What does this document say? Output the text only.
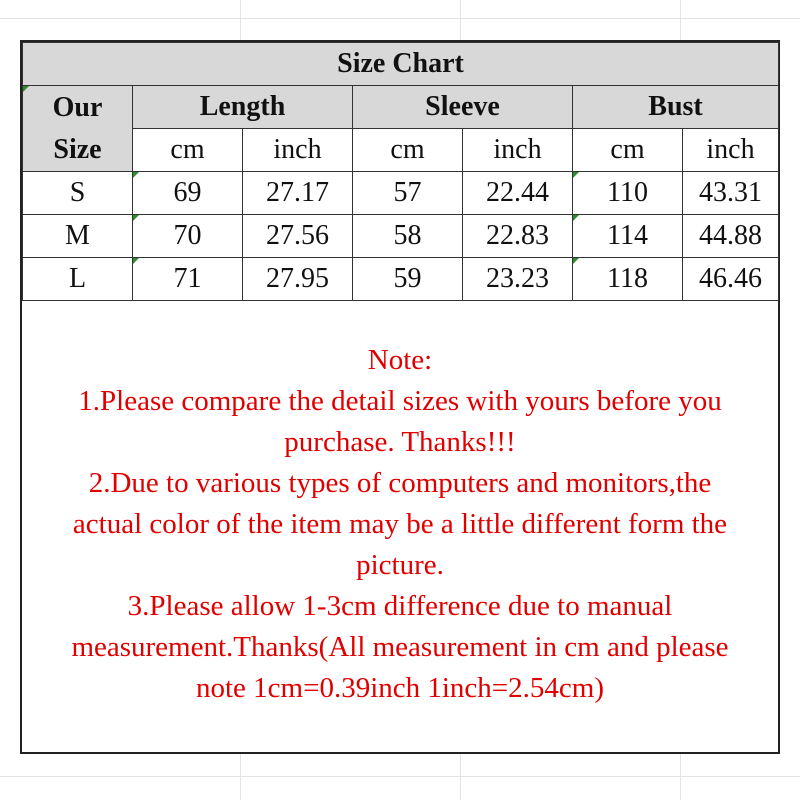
Size Chart						

Our
Size	Length		Sleeve		Bust	
	cm	inch	cm	inch	cm	inch
S	69	27.17	57	22.44	110	43.31
M	70	27.56	58	22.83	114	44.88
L	71	27.95	59	23.23	118	46.46
Note:
1.Please compare the detail sizes with yours before you
purchase. Thanks!!!
2.Due to various types of computers and monitors,the
actual color of the item may be a little different form the
picture.
3.Please allow 1-3cm difference due to manual
measurement.Thanks(All measurement in cm and please
note 1cm=0.39inch 1inch=2.54cm)
